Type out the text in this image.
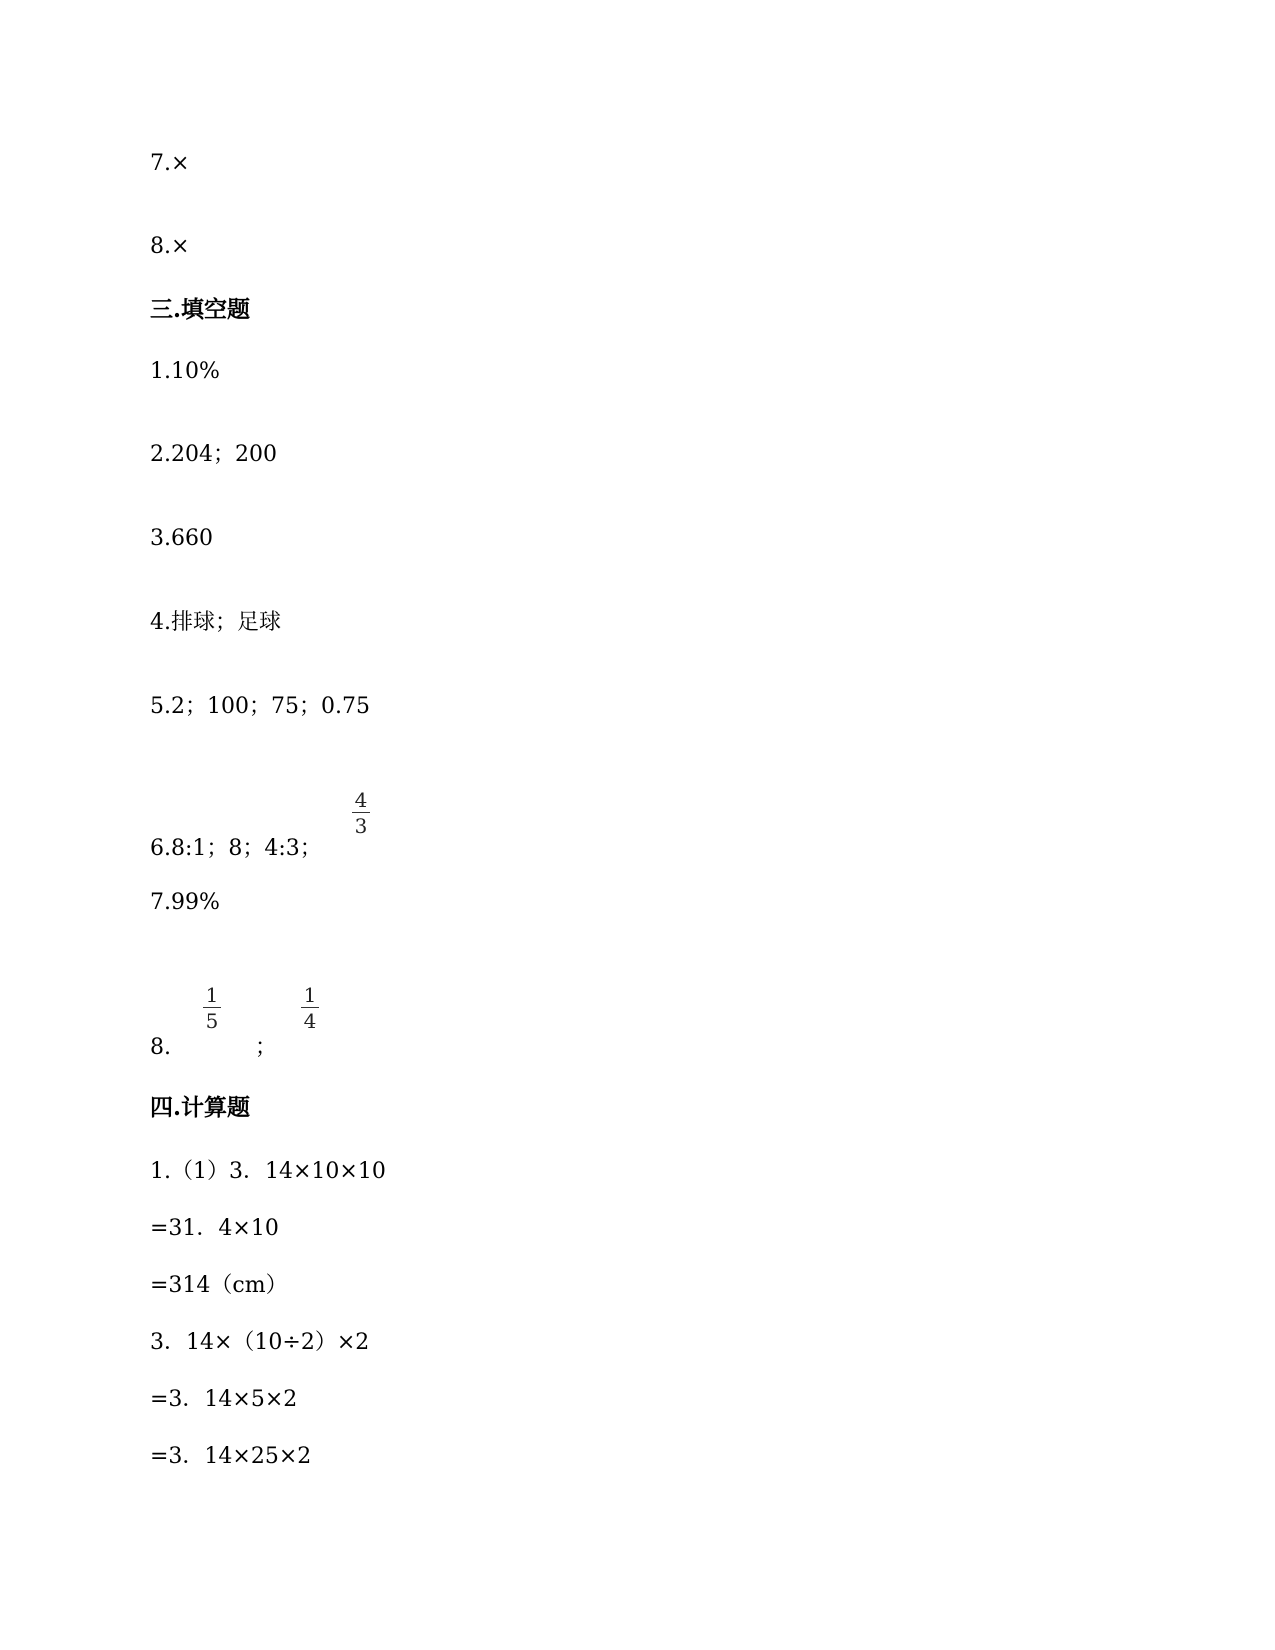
7.×
8.×
三.填空题
1.10%
2.204；200
3.660
4.排球；足球
5.2；100；75；0.75
6.8:1；8；4:3；
4
3
7.99%
8.
1
5
；
1
4
四.计算题
1.（1）3．14×10×10
=31．4×10
=314（cm）
3．14×（10÷2）×2
=3．14×5×2
=3．14×25×2
